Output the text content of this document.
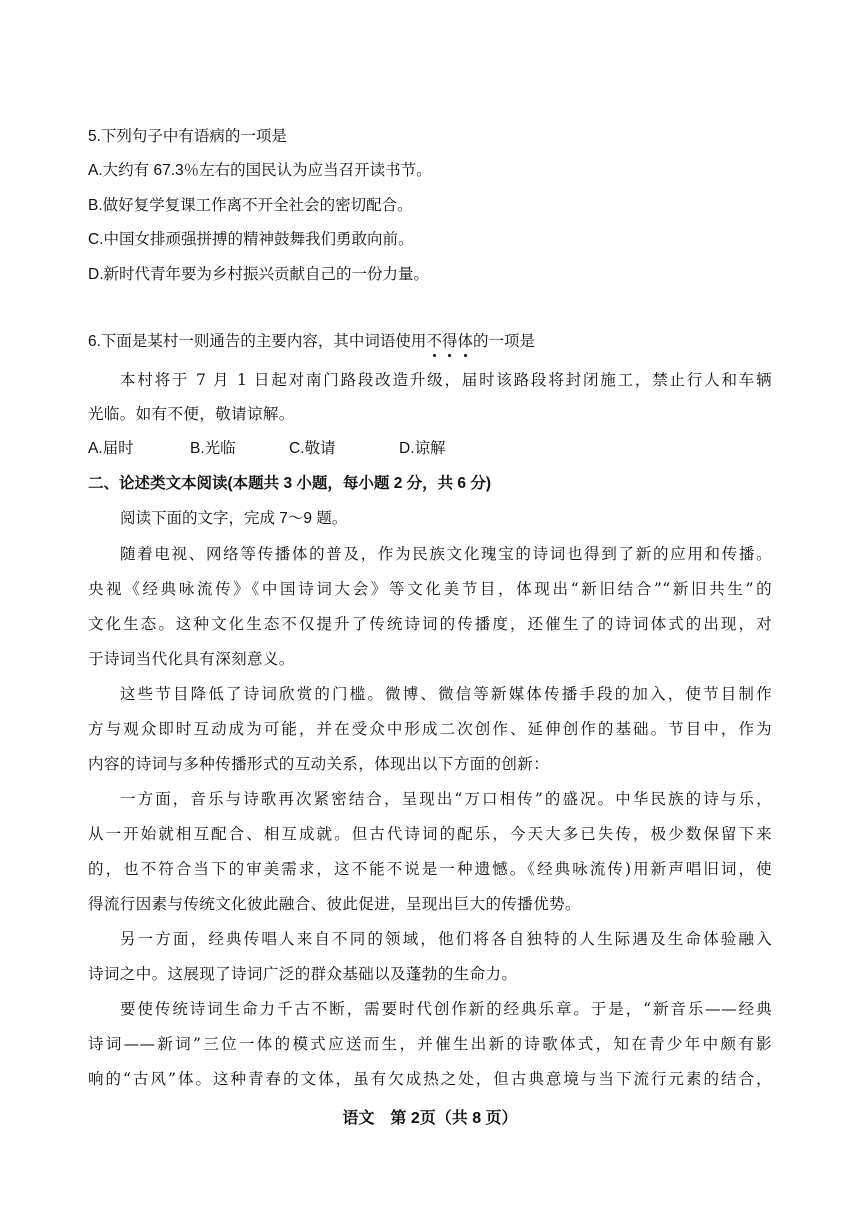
5.下列句子中有语病的一项是
A.大约有 67.3％左右的国民认为应当召开读书节。
B.做好复学复课工作离不开全社会的密切配合。
C.中国女排顽强拼搏的精神鼓舞我们勇敢向前。
D.新时代青年要为乡村振兴贡献自己的一份力量。
6.下面是某村一则通告的主要内容，其中词语使用不得体的一项是
本村将于 7 月 1 日起对南门路段改造升级，届时该路段将封闭施工，禁止行人和车辆
光临。如有不便，敬请谅解。
A.届时	B.光临	C.敬请	D.谅解
二、论述类文本阅读(本题共 3 小题，每小题 2 分，共 6 分)
阅读下面的文字，完成 7～9 题。
随着电视、网络等传播体的普及，作为民族文化瑰宝的诗词也得到了新的应用和传播。
央视《经典咏流传》《中国诗词大会》等文化美节目，体现出“新旧结合”“新旧共生”的
文化生态。这种文化生态不仅提升了传统诗词的传播度，还催生了的诗词体式的出现，对
于诗词当代化具有深刻意义。
这些节目降低了诗词欣赏的门槛。微博、微信等新媒体传播手段的加入，使节目制作
方与观众即时互动成为可能，并在受众中形成二次创作、延伸创作的基础。节目中，作为
内容的诗词与多种传播形式的互动关系，体现出以下方面的创新：
一方面，音乐与诗歌再次紧密结合，呈现出“万口相传”的盛况。中华民族的诗与乐，
从一开始就相互配合、相互成就。但古代诗词的配乐，今天大多已失传，极少数保留下来
的，也不符合当下的审美需求，这不能不说是一种遗憾。《经典咏流传)用新声唱旧词，使
得流行因素与传统文化彼此融合、彼此促进，呈现出巨大的传播优势。
另一方面，经典传唱人来自不同的领域，他们将各自独特的人生际遇及生命体验融入
诗词之中。这展现了诗词广泛的群众基础以及蓬勃的生命力。
要使传统诗词生命力千古不断，需要时代创作新的经典乐章。于是，“新音乐——经典
诗词——新词”三位一体的模式应送而生，并催生出新的诗歌体式，知在青少年中颇有影
响的“古风”体。这种青春的文体，虽有欠成热之处，但古典意境与当下流行元素的结合，
语文　第 2页（共 8 页）
